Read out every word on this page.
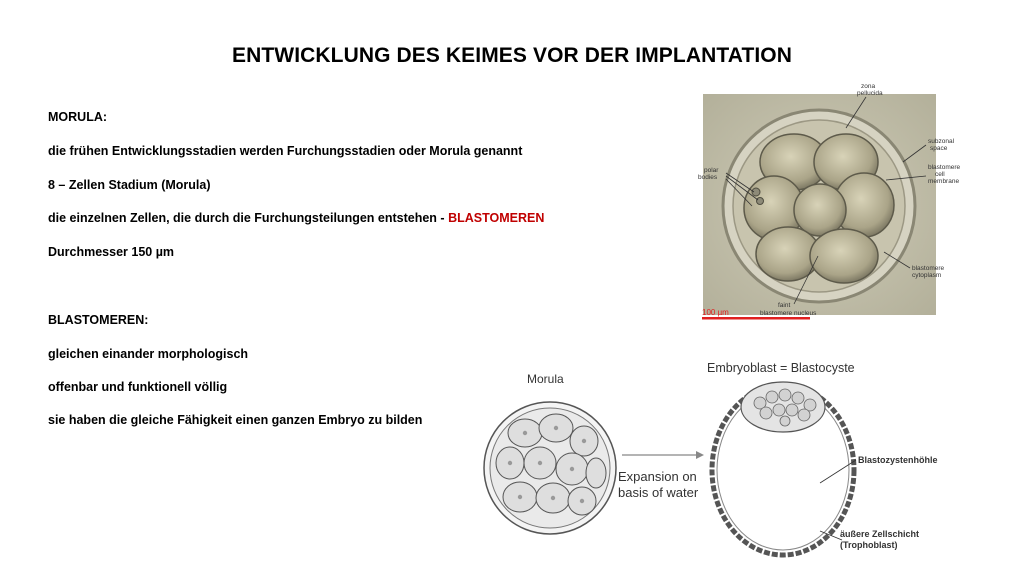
ENTWICKLUNG DES KEIMES VOR DER IMPLANTATION
MORULA:
die frühen Entwicklungsstadien werden Furchungsstadien oder Morula genannt
8 – Zellen Stadium (Morula)
die einzelnen Zellen, die durch die Furchungsteilungen entstehen - BLASTOMEREN
Durchmesser 150 µm
BLASTOMEREN:
gleichen einander morphologisch
offenbar und funktionell völlig
sie haben die gleiche Fähigkeit einen ganzen Embryo zu bilden
zona
pellucida
subzonal
space
blastomere
cell
membrane
polar
bodies
blastomere
cytoplasm
faint
blastomere nucleus
100 µm
Morula
Embryoblast = Blastocyste
Expansion on
basis of water
Blastozystenhöhle
äußere Zellschicht
(Trophoblast)
